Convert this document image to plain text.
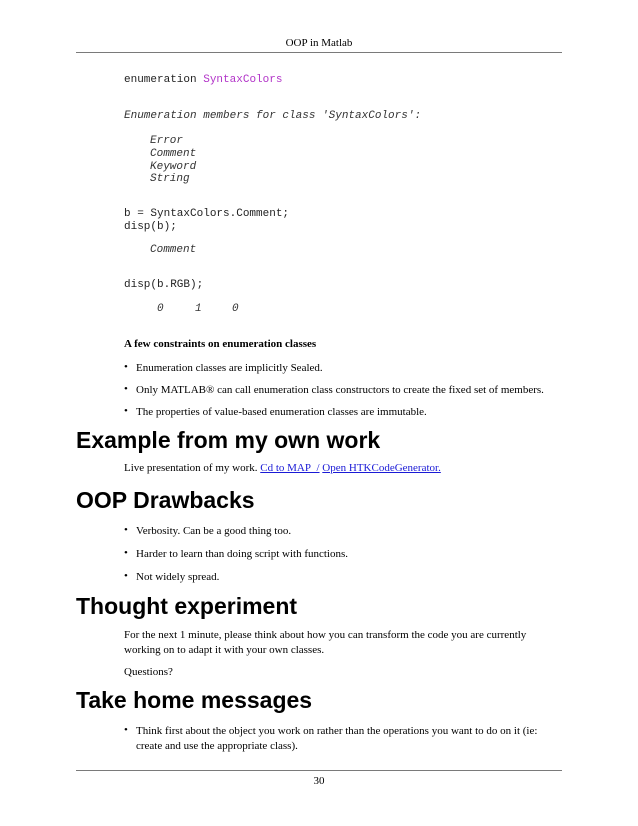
OOP in Matlab
enumeration SyntaxColors
Enumeration members for class 'SyntaxColors':
Error
Comment
Keyword
String
b = SyntaxColors.Comment;
disp(b);
Comment
disp(b.RGB);
0	1	0
A few constraints on enumeration classes
• Enumeration classes are implicitly Sealed.
• Only MATLAB® can call enumeration class constructors to create the fixed set of members.
• The properties of value-based enumeration classes are immutable.
Example from my own work
Live presentation of my work. Cd to MAP_/ Open HTKCodeGenerator.
OOP Drawbacks
• Verbosity. Can be a good thing too.
• Harder to learn than doing script with functions.
• Not widely spread.
Thought experiment
For the next 1 minute, please think about how you can transform the code you are currently working on to adapt it with your own classes.
Questions?
Take home messages
• Think first about the object you work on rather than the operations you want to do on it (ie: create and use the appropriate class).
30
